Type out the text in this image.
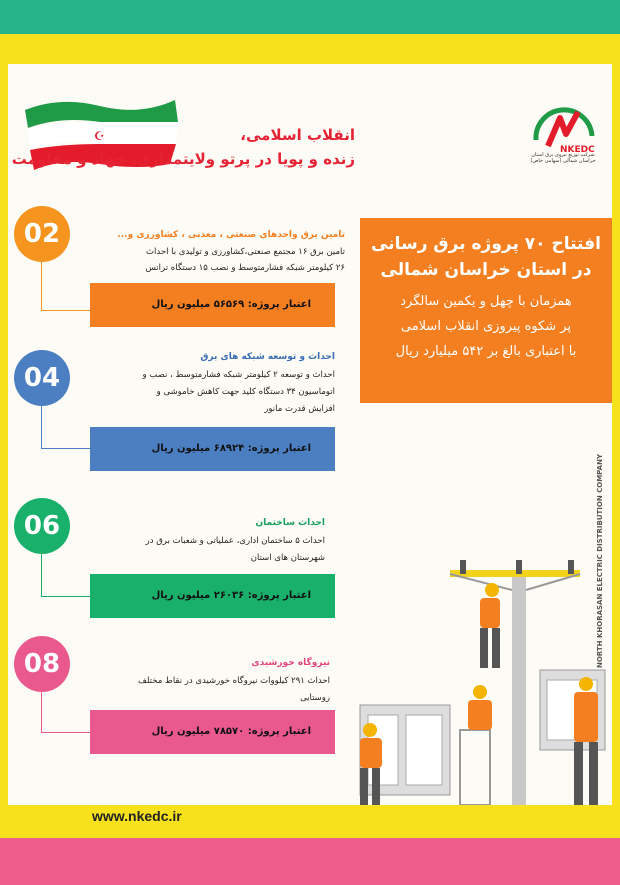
☪	انقلاب اسلامی،
زنده و پویا در پرتو ولایتمداری، جهاد و مقاومت	NKEDC
شرکت توزیع نیروی برق استان خراسان شمالی (سهامی خاص)
افتتاح ۷۰ پروژه برق رسانی
در استان خراسان شمالی
همزمان با چهل و یکمین سالگرد
پر شکوه پیروزی انقلاب اسلامی
با اعتباری بالغ بر ۵۴۲ میلیارد ریال
02	تامین برق واحدهای صنعتی ، معدنی ، کشاورزی و...
تامین برق ۱۶ مجتمع صنعتی،کشاورزی و تولیدی با احداث
۲۶ کیلومتر شبکه فشارمتوسط و نصب ۱۵ دستگاه ترانس
اعتبار پروژه: ۵۶۵۶۹ میلیون ریال
04
احداث و توسعه شبکه های برق
احداث و توسعه ۲ کیلومتر شبکه فشارمتوسط ، نصب و
اتوماسیون ۳۴ دستگاه کلید جهت کاهش خاموشی و
افزایش قدرت مانور
اعتبار پروژه: ۶۸۹۲۴ میلیون ریال
06	احداث ساختمان
احداث ۵ ساختمان اداری، عملیاتی و شعبات برق در
شهرستان های استان
اعتبار پروژه: ۲۶۰۳۶ میلیون ریال
08	نیروگاه خورشیدی
احداث ۲۹۱ کیلووات نیروگاه خورشیدی در نقاط مختلف
روستایی
اعتبار پروژه: ۷۸۵۷۰ میلیون ریال
NORTH KHORASAN ELECTRIC DISTRIBUTION COMPANY
www.nkedc.ir
